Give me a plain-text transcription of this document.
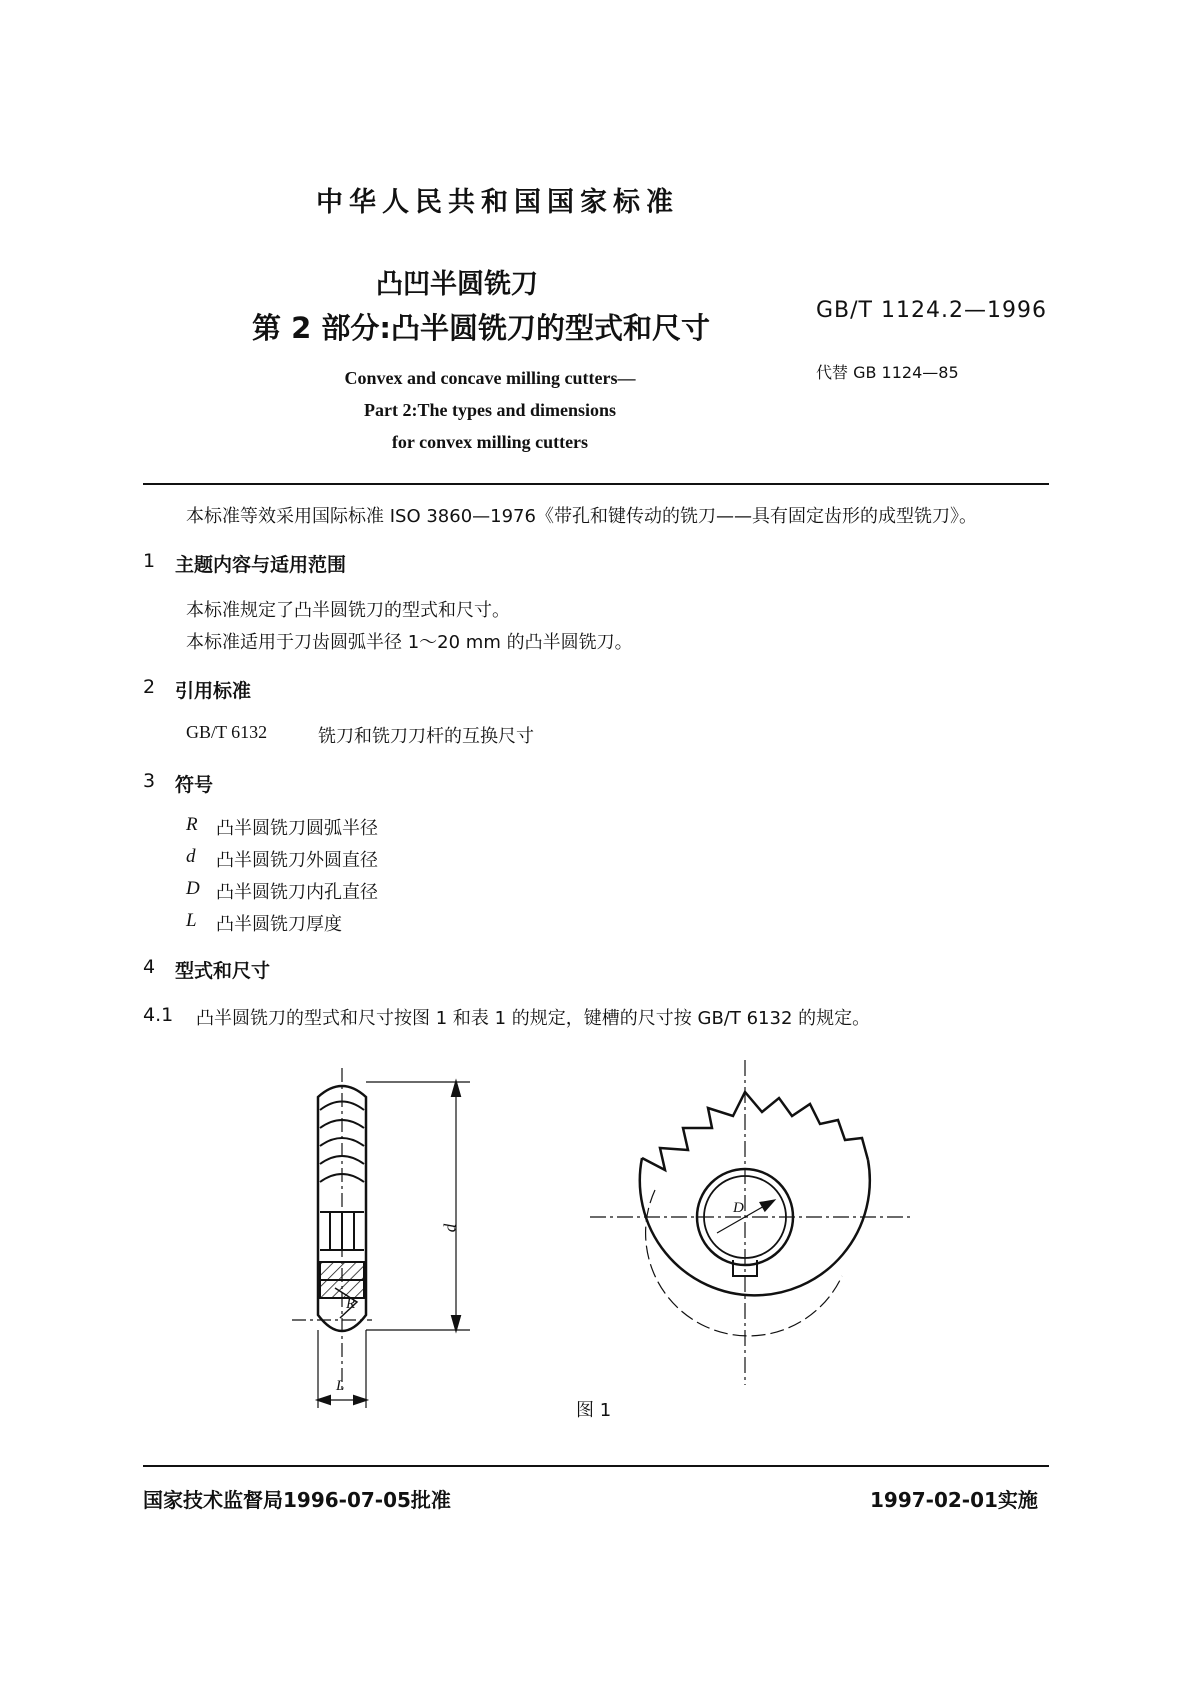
中华人民共和国国家标准
凸凹半圆铣刀
第 2 部分:凸半圆铣刀的型式和尺寸
GB/T 1124.2—1996
代替 GB 1124—85
Convex and concave milling cutters—
Part 2:The types and dimensions
for convex milling cutters
本标准等效采用国际标准 ISO 3860—1976《带孔和键传动的铣刀——具有固定齿形的成型铣刀》。
1 主题内容与适用范围
本标准规定了凸半圆铣刀的型式和尺寸。
本标准适用于刀齿圆弧半径 1～20 mm 的凸半圆铣刀。
2 引用标准
GB/T 6132	铣刀和铣刀刀杆的互换尺寸
3 符号
R 凸半圆铣刀圆弧半径
d 凸半圆铣刀外圆直径
D 凸半圆铣刀内孔直径
L 凸半圆铣刀厚度
4 型式和尺寸
4.1 凸半圆铣刀的型式和尺寸按图 1 和表 1 的规定，键槽的尺寸按 GB/T 6132 的规定。
d
R
L
D
图 1
国家技术监督局1996-07-05批准	1997-02-01实施
